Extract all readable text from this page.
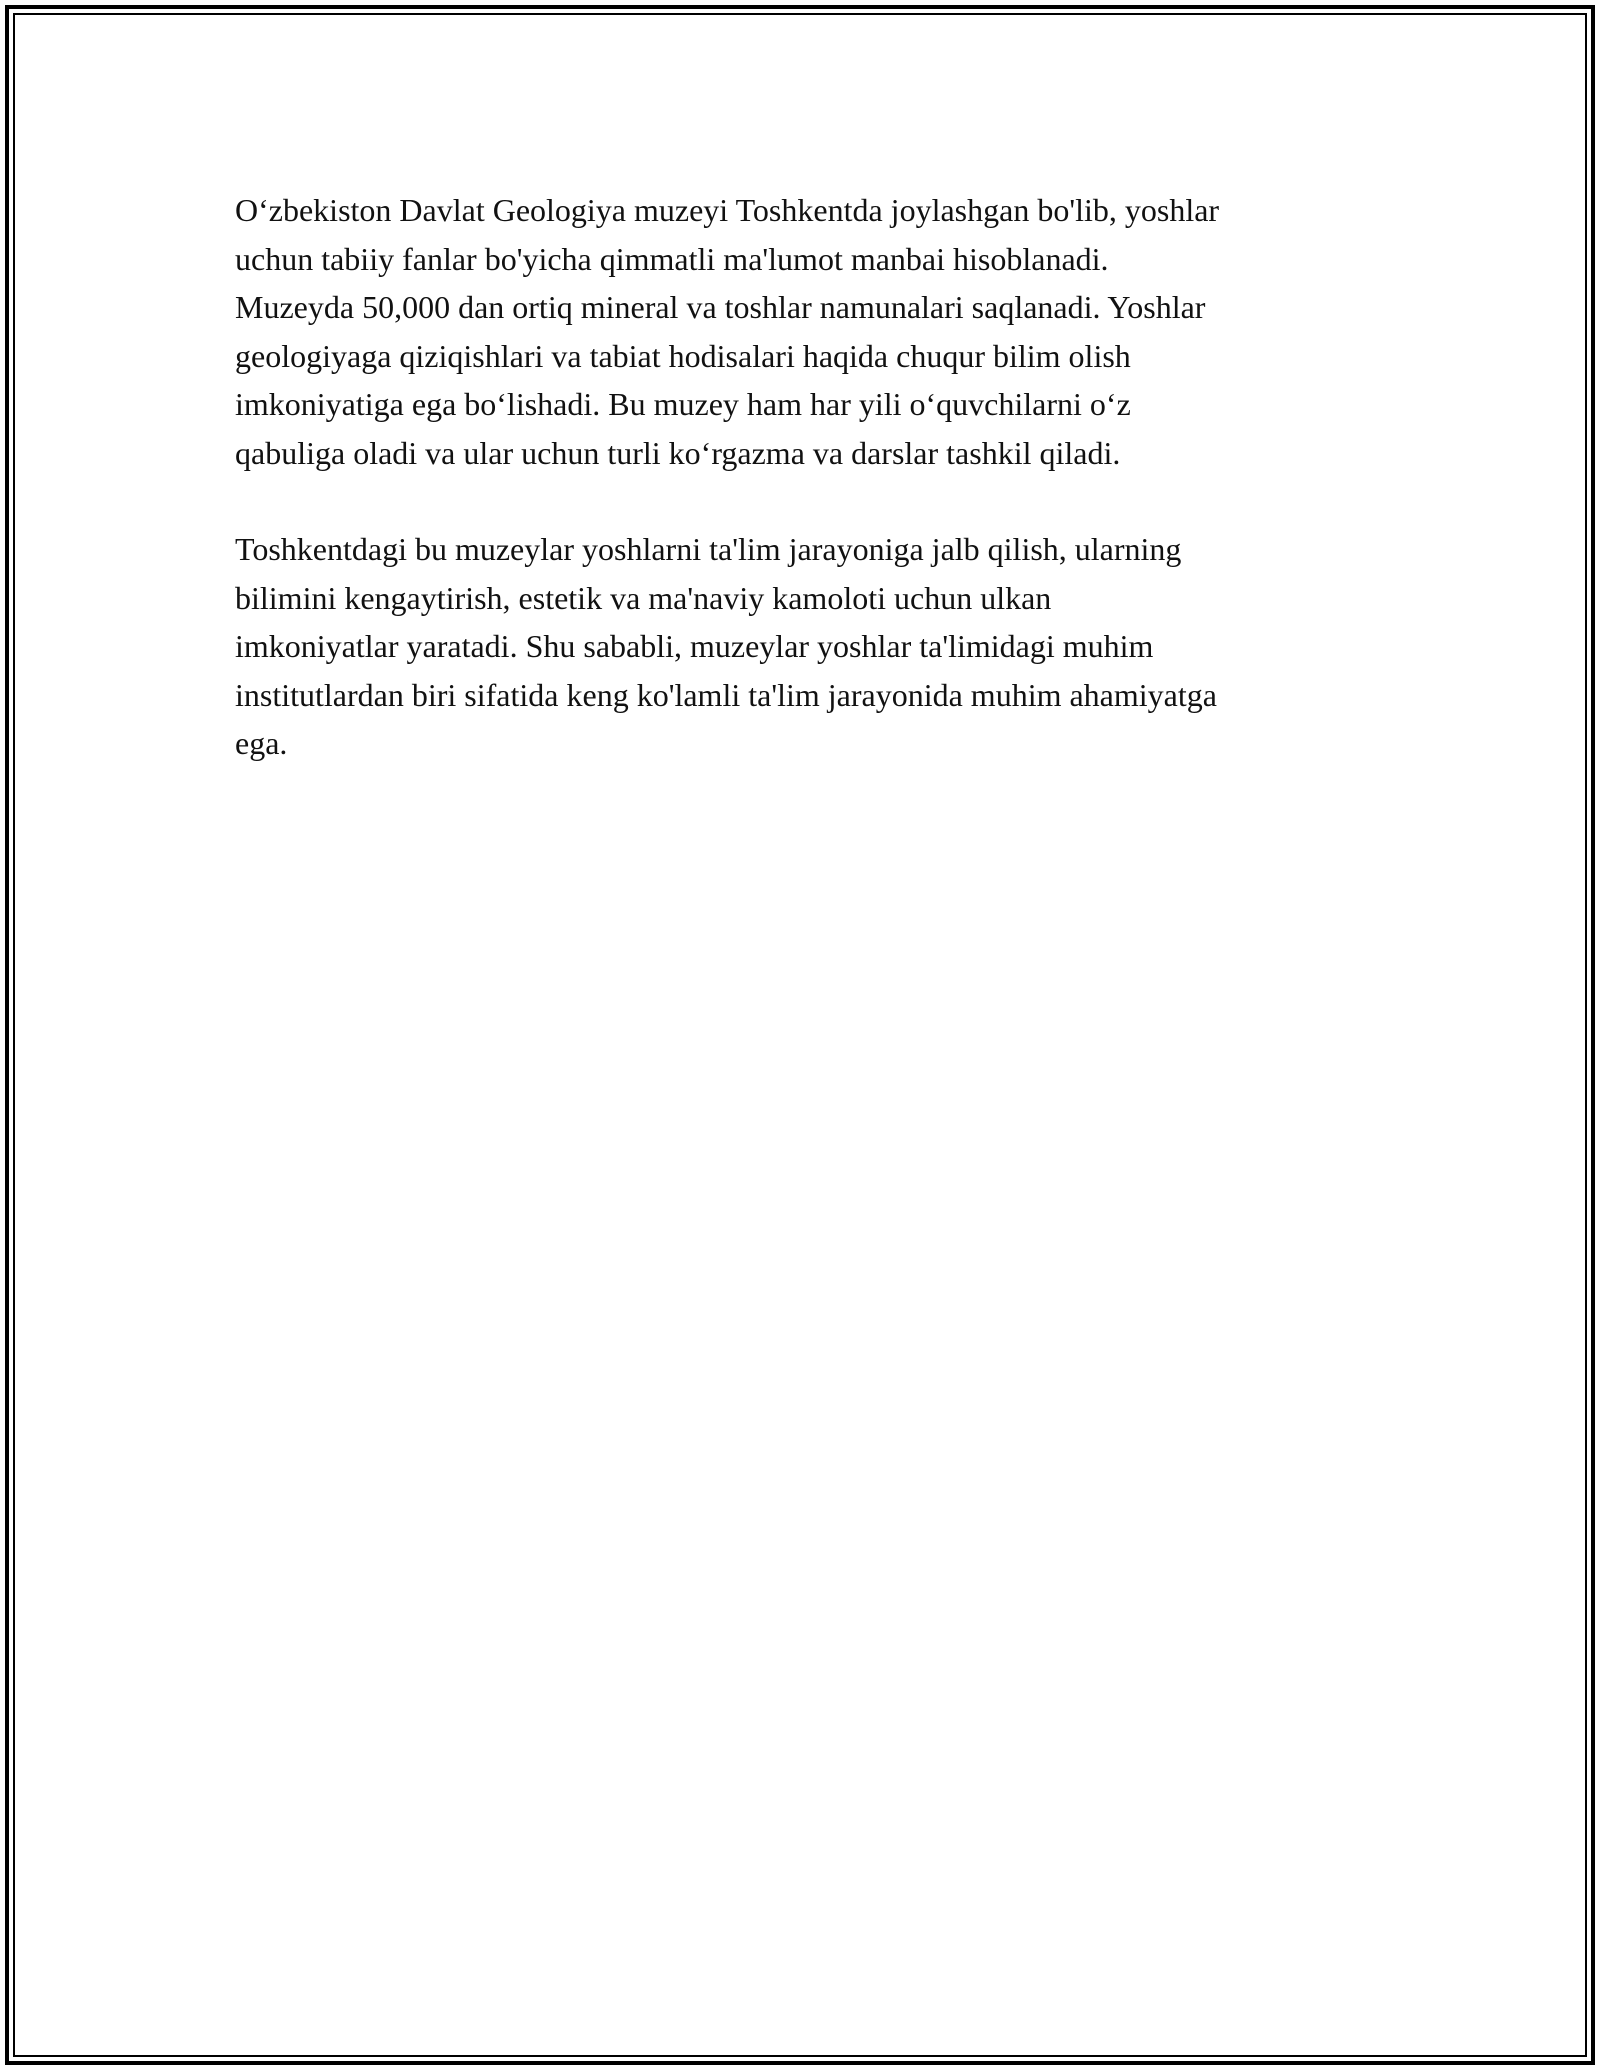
O‘zbekiston Davlat Geologiya muzeyi Toshkentda joylashgan bo'lib, yoshlar
uchun tabiiy fanlar bo'yicha qimmatli ma'lumot manbai hisoblanadi.
Muzeyda 50,000 dan ortiq mineral va toshlar namunalari saqlanadi. Yoshlar
geologiyaga qiziqishlari va tabiat hodisalari haqida chuqur bilim olish
imkoniyatiga ega bo‘lishadi. Bu muzey ham har yili o‘quvchilarni o‘z
qabuliga oladi va ular uchun turli ko‘rgazma va darslar tashkil qiladi.

Toshkentdagi bu muzeylar yoshlarni ta'lim jarayoniga jalb qilish, ularning
bilimini kengaytirish, estetik va ma'naviy kamoloti uchun ulkan
imkoniyatlar yaratadi. Shu sababli, muzeylar yoshlar ta'limidagi muhim
institutlardan biri sifatida keng ko'lamli ta'lim jarayonida muhim ahamiyatga
ega.
